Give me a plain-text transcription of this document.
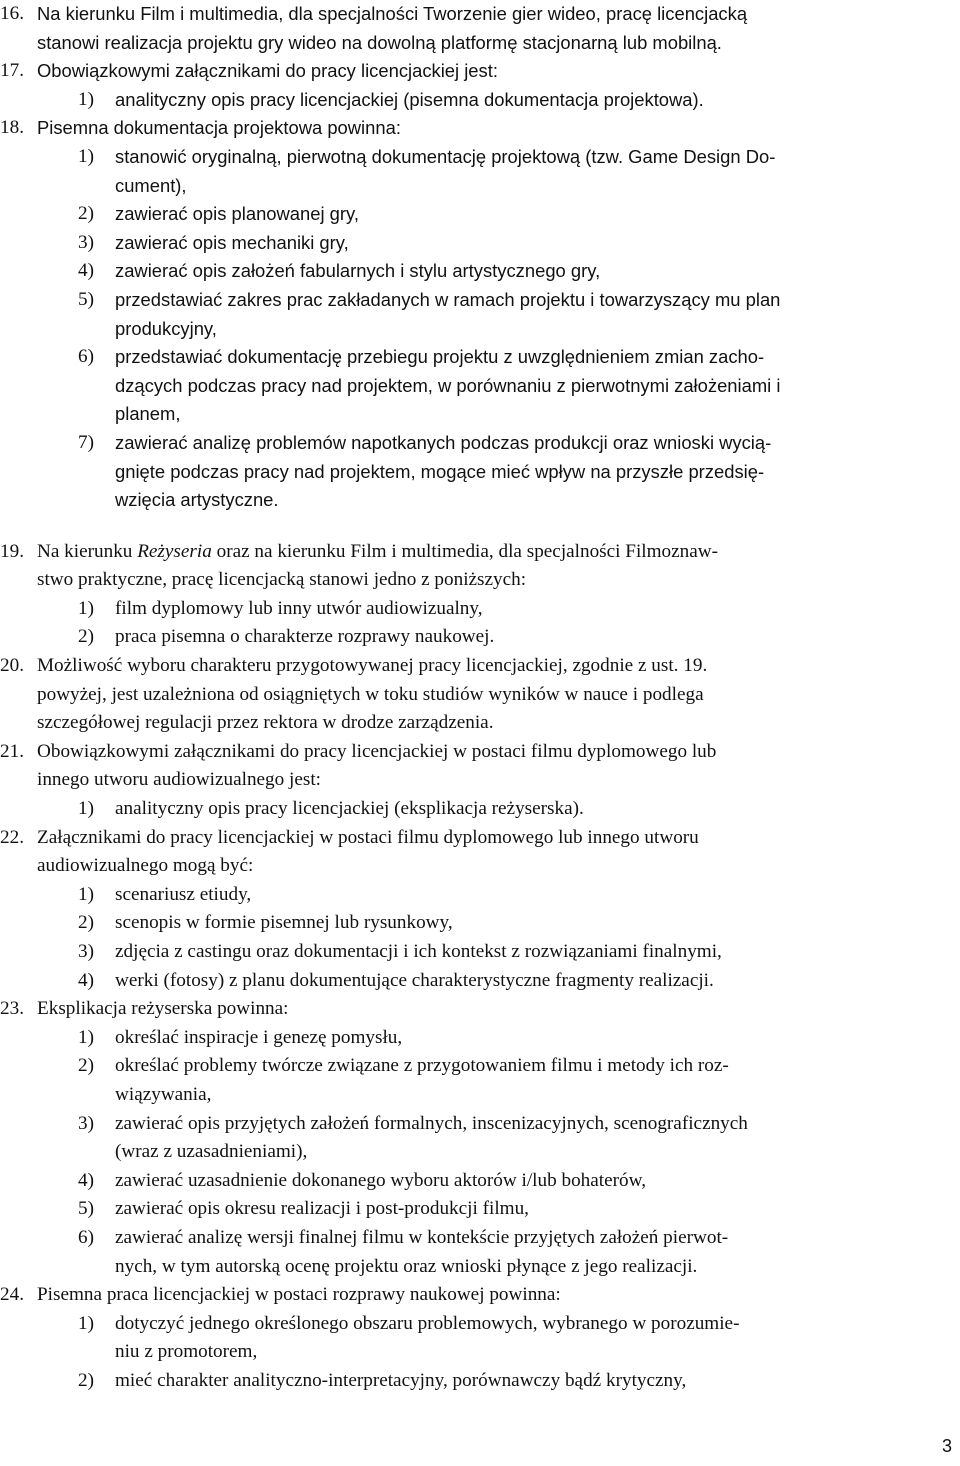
16. Na kierunku Film i multimedia, dla specjalności Tworzenie gier wideo, pracę licencjacką
stanowi realizacja projektu gry wideo na dowolną platformę stacjonarną lub mobilną.
17. Obowiązkowymi załącznikami do pracy licencjackiej jest:
1)	analityczny opis pracy licencjackiej (pisemna dokumentacja projektowa).
18. Pisemna dokumentacja projektowa powinna:
1)	stanowić oryginalną, pierwotną dokumentację projektową (tzw. Game Design Do-
cument),
2)	zawierać opis planowanej gry,
3)	zawierać opis mechaniki gry,
4)	zawierać opis założeń fabularnych i stylu artystycznego gry,
5)	przedstawiać zakres prac zakładanych w ramach projektu i towarzyszący mu plan
produkcyjny,
6)	przedstawiać dokumentację przebiegu projektu z uwzględnieniem zmian zacho-
dzących podczas pracy nad projektem, w porównaniu z pierwotnymi założeniami i
planem,
7)	zawierać analizę problemów napotkanych podczas produkcji oraz wnioski wycią-
gnięte podczas pracy nad projektem, mogące mieć wpływ na przyszłe przedsię-
wzięcia artystyczne.
19. Na kierunku Reżyseria oraz na kierunku Film i multimedia, dla specjalności Filmoznaw-
stwo praktyczne, pracę licencjacką stanowi jedno z poniższych:
1)	film dyplomowy lub inny utwór audiowizualny,
2)	praca pisemna o charakterze rozprawy naukowej.
20. Możliwość wyboru charakteru przygotowywanej pracy licencjackiej, zgodnie z ust. 19.
powyżej, jest uzależniona od osiągniętych w toku studiów wyników w nauce i podlega
szczegółowej regulacji przez rektora w drodze zarządzenia.
21. Obowiązkowymi załącznikami do pracy licencjackiej w postaci filmu dyplomowego lub
innego utworu audiowizualnego jest:
1)	analityczny opis pracy licencjackiej (eksplikacja reżyserska).
22. Załącznikami do pracy licencjackiej w postaci filmu dyplomowego lub innego utworu
audiowizualnego mogą być:
1)	scenariusz etiudy,
2)	scenopis w formie pisemnej lub rysunkowy,
3)	zdjęcia z castingu oraz dokumentacji i ich kontekst z rozwiązaniami finalnymi,
4)	werki (fotosy) z planu dokumentujące charakterystyczne fragmenty realizacji.
23. Eksplikacja reżyserska powinna:
1)	określać inspiracje i genezę pomysłu,
2)	określać problemy twórcze związane z przygotowaniem filmu i metody ich roz-
wiązywania,
3)	zawierać opis przyjętych założeń formalnych, inscenizacyjnych, scenograficznych
(wraz z uzasadnieniami),
4)	zawierać uzasadnienie dokonanego wyboru aktorów i/lub bohaterów,
5)	zawierać opis okresu realizacji i post-produkcji filmu,
6)	zawierać analizę wersji finalnej filmu w kontekście przyjętych założeń pierwot-
nych, w tym autorską ocenę projektu oraz wnioski płynące z jego realizacji.
24. Pisemna praca licencjackiej w postaci rozprawy naukowej powinna:
1)	dotyczyć jednego określonego obszaru problemowych, wybranego w porozumie-
niu z promotorem,
2)	mieć charakter analityczno-interpretacyjny, porównawczy bądź krytyczny,
3
